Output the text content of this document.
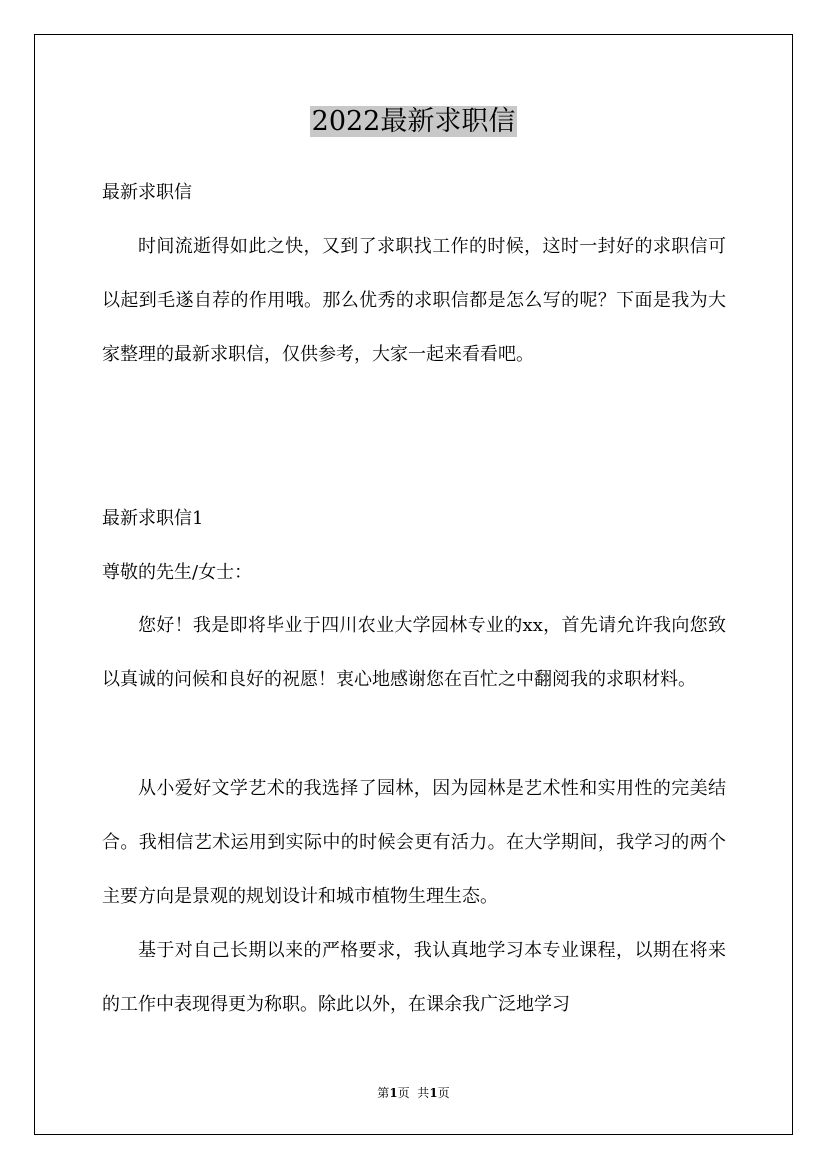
2022最新求职信
最新求职信
时间流逝得如此之快，又到了求职找工作的时候，这时一封好的求职信可以起到毛遂自荐的作用哦。那么优秀的求职信都是怎么写的呢？下面是我为大家整理的最新求职信，仅供参考，大家一起来看看吧。
最新求职信1
尊敬的先生/女士：
您好！我是即将毕业于四川农业大学园林专业的xx，首先请允许我向您致以真诚的问候和良好的祝愿！衷心地感谢您在百忙之中翻阅我的求职材料。
从小爱好文学艺术的我选择了园林，因为园林是艺术性和实用性的完美结合。我相信艺术运用到实际中的时候会更有活力。在大学期间，我学习的两个主要方向是景观的规划设计和城市植物生理生态。
基于对自己长期以来的严格要求，我认真地学习本专业课程，以期在将来的工作中表现得更为称职。除此以外，在课余我广泛地学习
第1页  共1页
